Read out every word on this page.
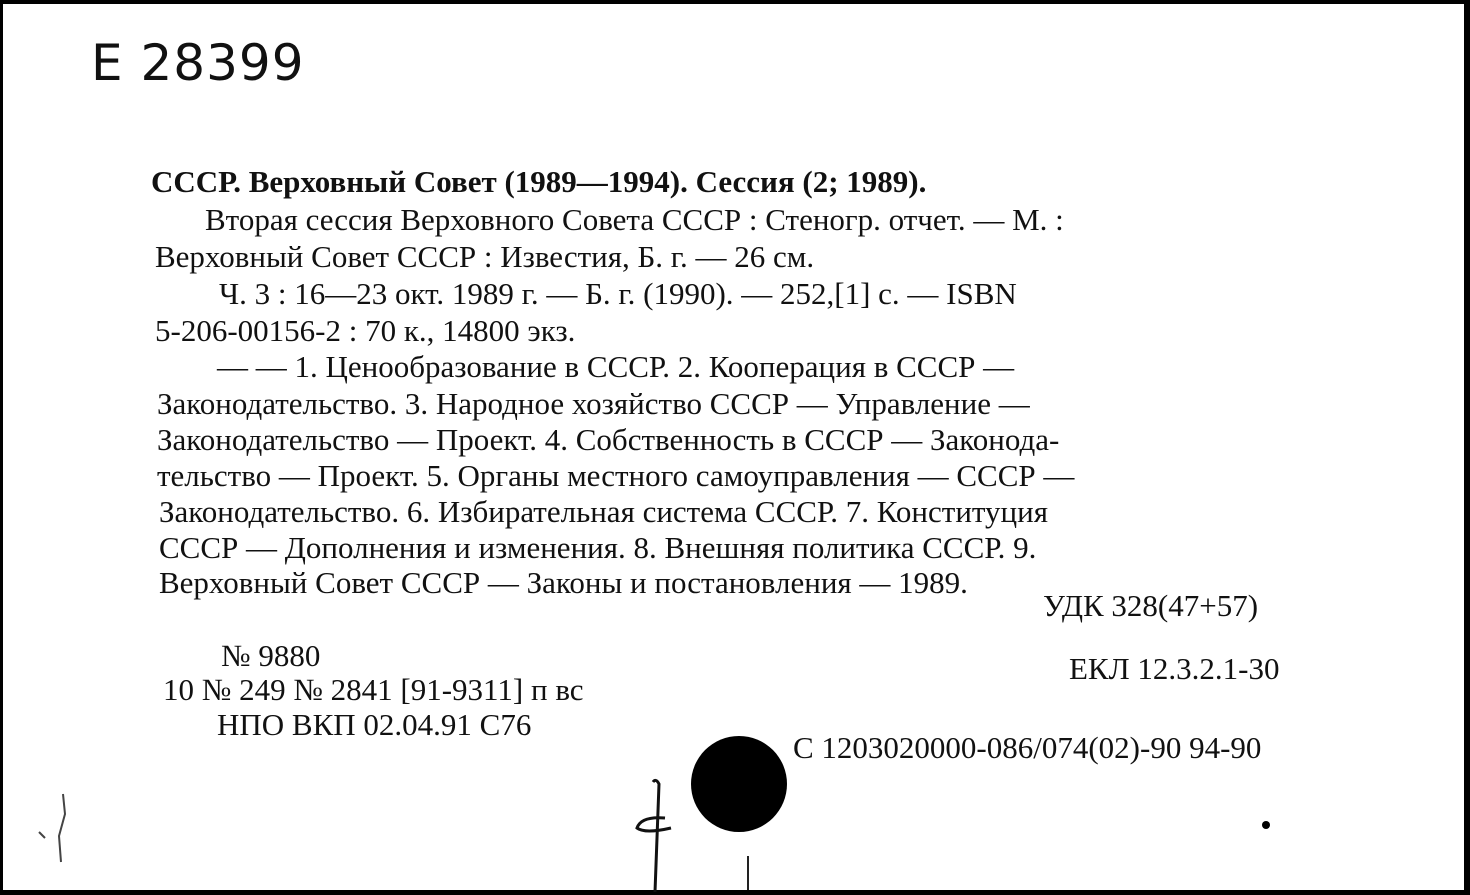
Е 28399
СССР. Верховный Совет (1989—1994). Сессия (2; 1989).
Вторая сессия Верховного Совета СССР : Стеногр. отчет. — М. :
Верховный Совет СССР : Известия, Б. г. — 26 см.
Ч. 3 : 16—23 окт. 1989 г. — Б. г. (1990). — 252,[1] с. — ISBN
5-206-00156-2 : 70 к., 14800 экз.
— — 1. Ценообразование в СССР. 2. Кооперация в СССР —
Законодательство. 3. Народное хозяйство СССР — Управление —
Законодательство — Проект. 4. Собственность в СССР — Законода-
тельство — Проект. 5. Органы местного самоуправления — СССР —
Законодательство. 6. Избирательная система СССР. 7. Конституция
СССР — Дополнения и изменения. 8. Внешняя политика СССР. 9.
Верховный Совет СССР — Законы и постановления — 1989.
УДК 328(47+57)
ЕКЛ 12.3.2.1-30
№ 9880
10 № 249 № 2841 [91-9311] п вс
НПО ВКП 02.04.91 С76
С 1203020000-086/074(02)-90 94-90
